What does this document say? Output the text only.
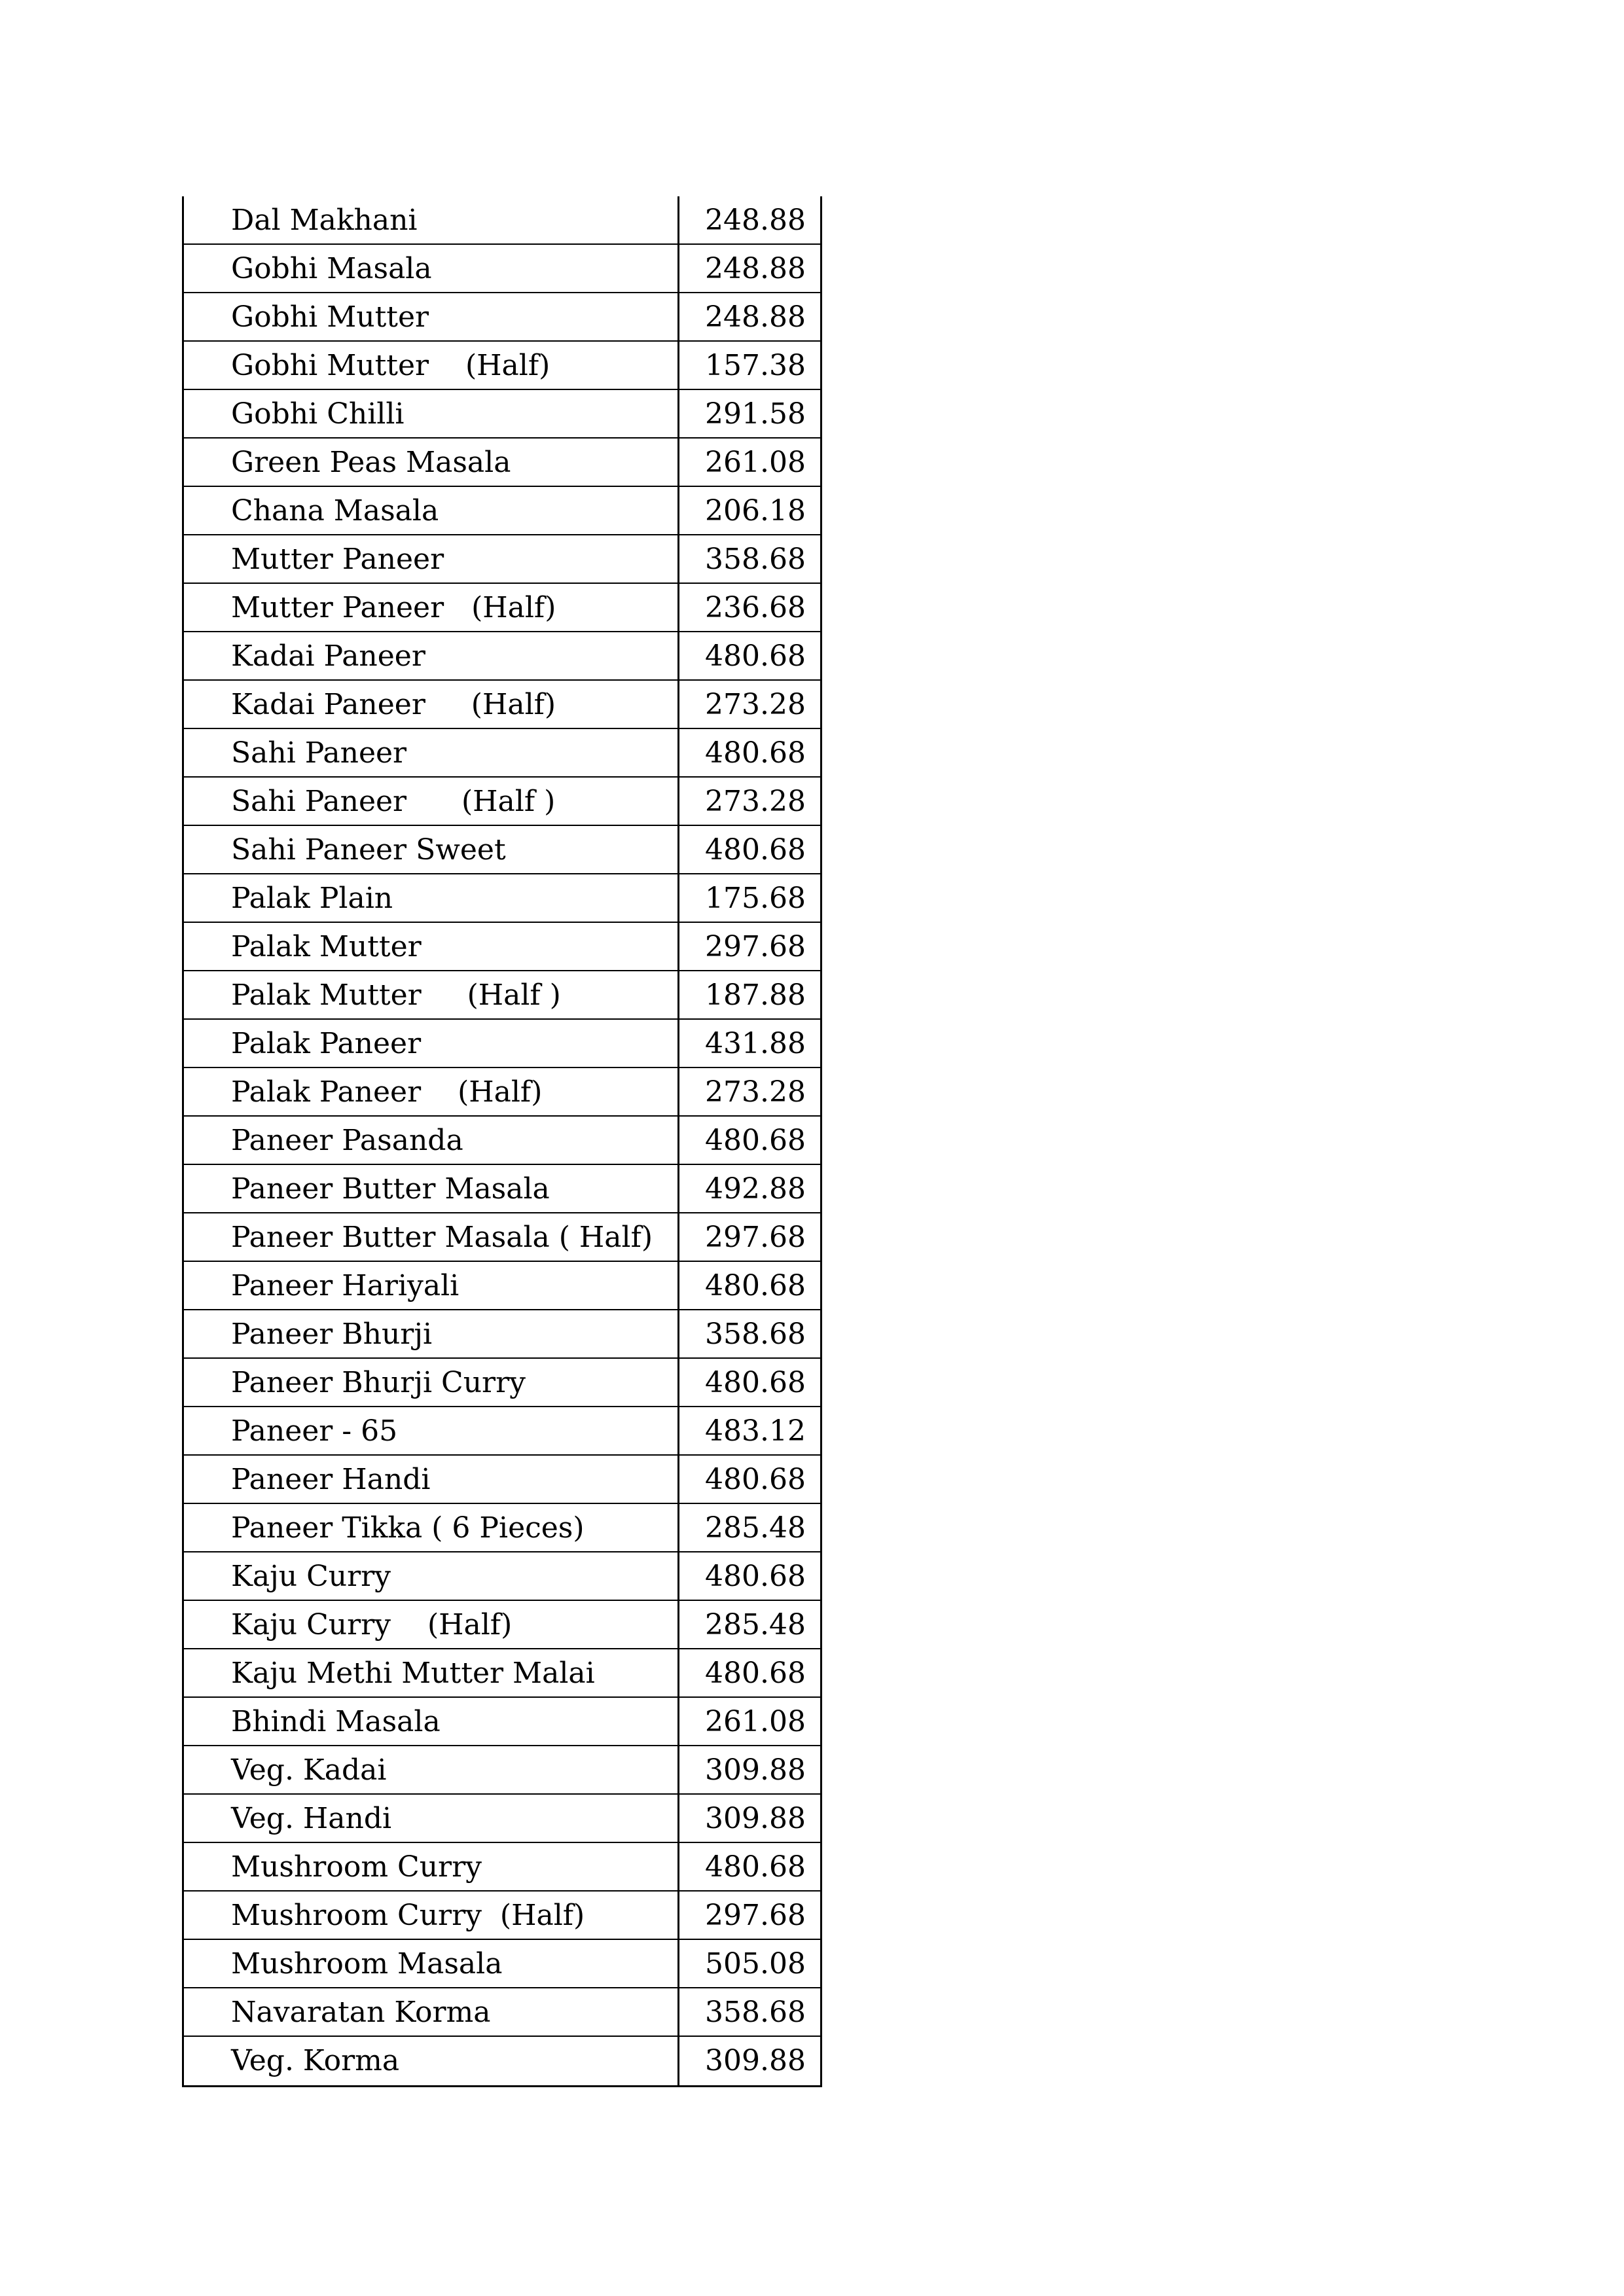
Dal Makhani	248.88
Gobhi Masala	248.88
Gobhi Mutter	248.88
Gobhi Mutter    (Half)	157.38
Gobhi Chilli	291.58
Green Peas Masala	261.08
Chana Masala	206.18
Mutter Paneer	358.68
Mutter Paneer   (Half)	236.68
Kadai Paneer	480.68
Kadai Paneer     (Half)	273.28
Sahi Paneer	480.68
Sahi Paneer      (Half )	273.28
Sahi Paneer Sweet	480.68
Palak Plain	175.68
Palak Mutter	297.68
Palak Mutter     (Half )	187.88
Palak Paneer	431.88
Palak Paneer    (Half)	273.28
Paneer Pasanda	480.68
Paneer Butter Masala	492.88
Paneer Butter Masala ( Half)	297.68
Paneer Hariyali	480.68
Paneer Bhurji	358.68
Paneer Bhurji Curry	480.68
Paneer - 65	483.12
Paneer Handi	480.68
Paneer Tikka ( 6 Pieces)	285.48
Kaju Curry	480.68
Kaju Curry    (Half)	285.48
Kaju Methi Mutter Malai	480.68
Bhindi Masala	261.08
Veg. Kadai	309.88
Veg. Handi	309.88
Mushroom Curry	480.68
Mushroom Curry  (Half)	297.68
Mushroom Masala	505.08
Navaratan Korma	358.68
Veg. Korma	309.88
